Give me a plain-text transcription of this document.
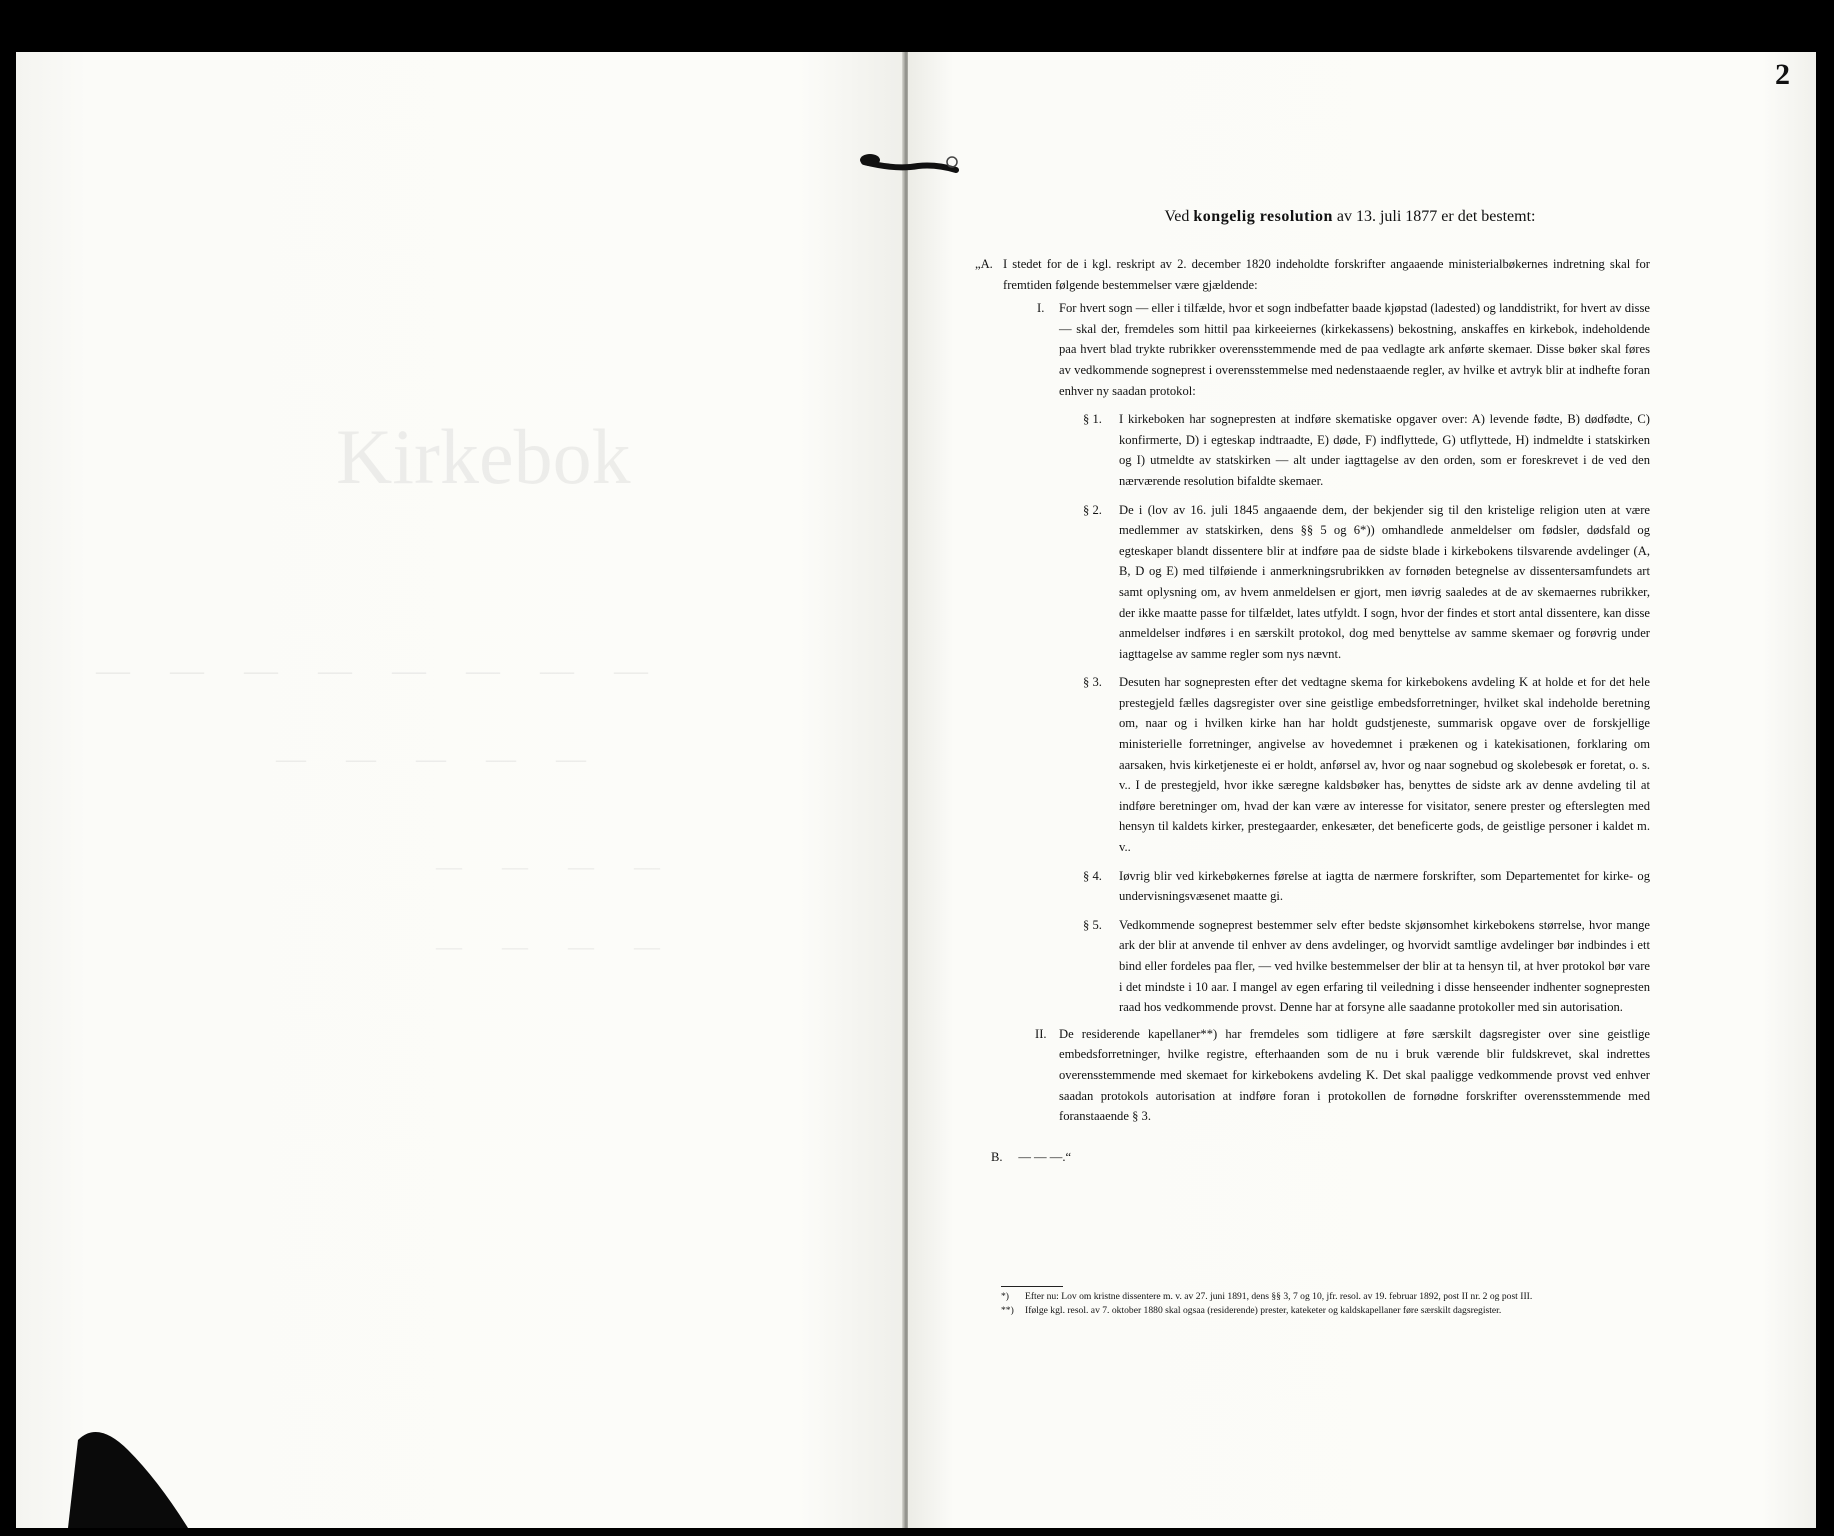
Kirkebok
————————
—————
————
————
2
Ved kongelig resolution av 13. juli 1877 er det bestemt:
„A. I stedet for de i kgl. reskript av 2. december 1820 indeholdte forskrifter angaaende ministerialbøkernes indretning skal for fremtiden følgende bestemmelser være gjældende:
I. For hvert sogn — eller i tilfælde, hvor et sogn indbefatter baade kjøpstad (ladested) og landdistrikt, for hvert av disse — skal der, fremdeles som hittil paa kirkeeiernes (kirkekassens) bekostning, anskaffes en kirkebok, indeholdende paa hvert blad trykte rubrikker overensstemmende med de paa vedlagte ark anførte skemaer. Disse bøker skal føres av vedkommende sogneprest i overensstemmelse med nedenstaaende regler, av hvilke et avtryk blir at indhefte foran enhver ny saadan protokol:
§ 1. I kirkeboken har sognepresten at indføre skematiske opgaver over: A) levende fødte, B) dødfødte, C) konfirmerte, D) i egteskap indtraadte, E) døde, F) indflyttede, G) utflyttede, H) indmeldte i statskirken og I) utmeldte av statskirken — alt under iagttagelse av den orden, som er foreskrevet i de ved den nærværende resolution bifaldte skemaer.
§ 2. De i (lov av 16. juli 1845 angaaende dem, der bekjender sig til den kristelige religion uten at være medlemmer av statskirken, dens §§ 5 og 6*)) omhandlede anmeldelser om fødsler, dødsfald og egteskaper blandt dissentere blir at indføre paa de sidste blade i kirkebokens tilsvarende avdelinger (A, B, D og E) med tilføiende i anmerkningsrubrikken av fornøden betegnelse av dissentersamfundets art samt oplysning om, av hvem anmeldelsen er gjort, men iøvrig saaledes at de av skemaernes rubrikker, der ikke maatte passe for tilfældet, lates utfyldt. I sogn, hvor der findes et stort antal dissentere, kan disse anmeldelser indføres i en særskilt protokol, dog med benyttelse av samme skemaer og forøvrig under iagttagelse av samme regler som nys nævnt.
§ 3. Desuten har sognepresten efter det vedtagne skema for kirkebokens avdeling K at holde et for det hele prestegjeld fælles dagsregister over sine geistlige embedsforretninger, hvilket skal indeholde beretning om, naar og i hvilken kirke han har holdt gudstjeneste, summarisk opgave over de forskjellige ministerielle forretninger, angivelse av hovedemnet i prækenen og i katekisationen, forklaring om aarsaken, hvis kirketjeneste ei er holdt, anførsel av, hvor og naar sognebud og skolebesøk er foretat, o. s. v.. I de prestegjeld, hvor ikke særegne kaldsbøker has, benyttes de sidste ark av denne avdeling til at indføre beretninger om, hvad der kan være av interesse for visitator, senere prester og efterslegten med hensyn til kaldets kirker, prestegaarder, enkesæter, det beneficerte gods, de geistlige personer i kaldet m. v..
§ 4. Iøvrig blir ved kirkebøkernes førelse at iagtta de nærmere forskrifter, som Departementet for kirke- og undervisningsvæsenet maatte gi.
§ 5. Vedkommende sogneprest bestemmer selv efter bedste skjønsomhet kirkebokens størrelse, hvor mange ark der blir at anvende til enhver av dens avdelinger, og hvorvidt samtlige avdelinger bør indbindes i ett bind eller fordeles paa fler, — ved hvilke bestemmelser der blir at ta hensyn til, at hver protokol bør vare i det mindste i 10 aar. I mangel av egen erfaring til veiledning i disse henseender indhenter sognepresten raad hos vedkommende provst. Denne har at forsyne alle saadanne protokoller med sin autorisation.
II. De residerende kapellaner**) har fremdeles som tidligere at føre særskilt dagsregister over sine geistlige embedsforretninger, hvilke registre, efterhaanden som de nu i bruk værende blir fuldskrevet, skal indrettes overensstemmende med skemaet for kirkebokens avdeling K. Det skal paaligge vedkommende provst ved enhver saadan protokols autorisation at indføre foran i protokollen de fornødne forskrifter overensstemmende med foranstaaende § 3.
B. — — —.“
*) Efter nu: Lov om kristne dissentere m. v. av 27. juni 1891, dens §§ 3, 7 og 10, jfr. resol. av 19. februar 1892, post II nr. 2 og post III.
**) Ifølge kgl. resol. av 7. oktober 1880 skal ogsaa (residerende) prester, kateketer og kaldskapellaner føre særskilt dagsregister.
